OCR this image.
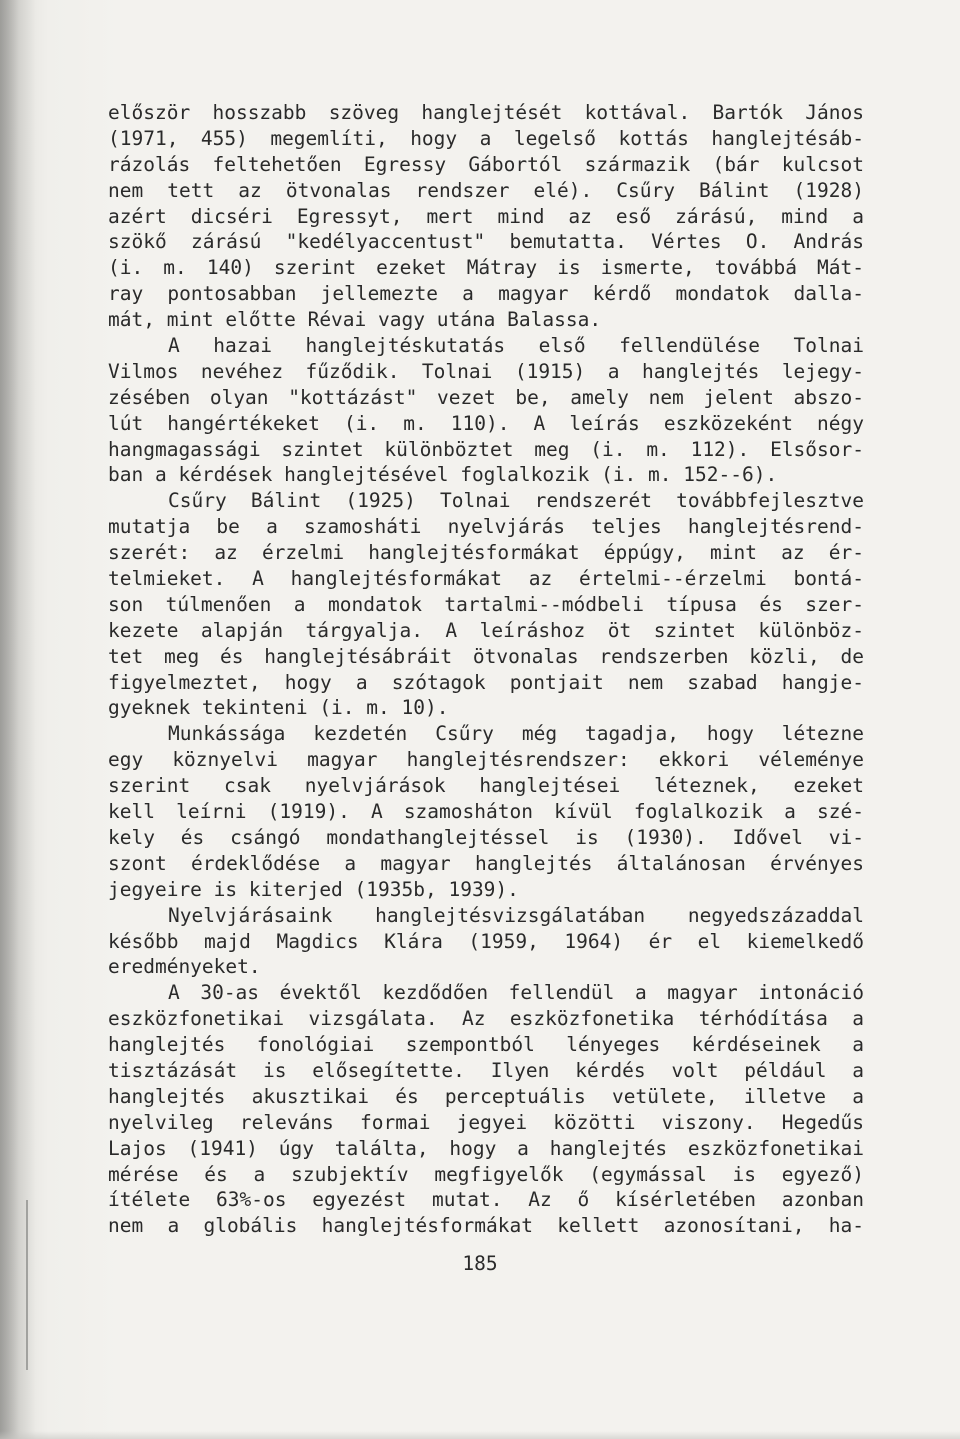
először hosszabb szöveg hanglejtését kottával. Bartók János
(1971, 455) megemlíti, hogy a legelső kottás hanglejtésáb-
rázolás feltehetően Egressy Gábortól származik (bár kulcsot
nem tett az ötvonalas rendszer elé). Csűry Bálint (1928)
azért dicséri Egressyt, mert mind az eső zárású, mind a
szökő zárású "kedélyaccentust" bemutatta. Vértes O. András
(i. m. 140) szerint ezeket Mátray is ismerte, továbbá Mát-
ray pontosabban jellemezte a magyar kérdő mondatok dalla-
mát, mint előtte Révai vagy utána Balassa.
A hazai hanglejtéskutatás első fellendülése Tolnai
Vilmos nevéhez fűződik. Tolnai (1915) a hanglejtés lejegy-
zésében olyan "kottázást" vezet be, amely nem jelent abszo-
lút hangértékeket (i. m. 110). A leírás eszközeként négy
hangmagassági szintet különböztet meg (i. m. 112). Elsősor-
ban a kérdések hanglejtésével foglalkozik (i. m. 152--6).
Csűry Bálint (1925) Tolnai rendszerét továbbfejlesztve
mutatja be a szamosháti nyelvjárás teljes hanglejtésrend-
szerét: az érzelmi hanglejtésformákat éppúgy, mint az ér-
telmieket. A hanglejtésformákat az értelmi--érzelmi bontá-
son túlmenően a mondatok tartalmi--módbeli típusa és szer-
kezete alapján tárgyalja. A leíráshoz öt szintet különböz-
tet meg és hanglejtésábráit ötvonalas rendszerben közli, de
figyelmeztet, hogy a szótagok pontjait nem szabad hangje-
gyeknek tekinteni (i. m. 10).
Munkássága kezdetén Csűry még tagadja, hogy létezne
egy köznyelvi magyar hanglejtésrendszer: ekkori véleménye
szerint csak nyelvjárások hanglejtései léteznek, ezeket
kell leírni (1919). A szamosháton kívül foglalkozik a szé-
kely és csángó mondathanglejtéssel is (1930). Idővel vi-
szont érdeklődése a magyar hanglejtés általánosan érvényes
jegyeire is kiterjed (1935b, 1939).
Nyelvjárásaink hanglejtésvizsgálatában negyedszázaddal
később majd Magdics Klára (1959, 1964) ér el kiemelkedő
eredményeket.
A 30-as évektől kezdődően fellendül a magyar intonáció
eszközfonetikai vizsgálata. Az eszközfonetika térhódítása a
hanglejtés fonológiai szempontból lényeges kérdéseinek a
tisztázását is elősegítette. Ilyen kérdés volt például a
hanglejtés akusztikai és perceptuális vetülete, illetve a
nyelvileg releváns formai jegyei közötti viszony. Hegedűs
Lajos (1941) úgy találta, hogy a hanglejtés eszközfonetikai
mérése és a szubjektív megfigyelők (egymással is egyező)
ítélete 63%-os egyezést mutat. Az ő kísérletében azonban
nem a globális hanglejtésformákat kellett azonosítani, ha-
185
